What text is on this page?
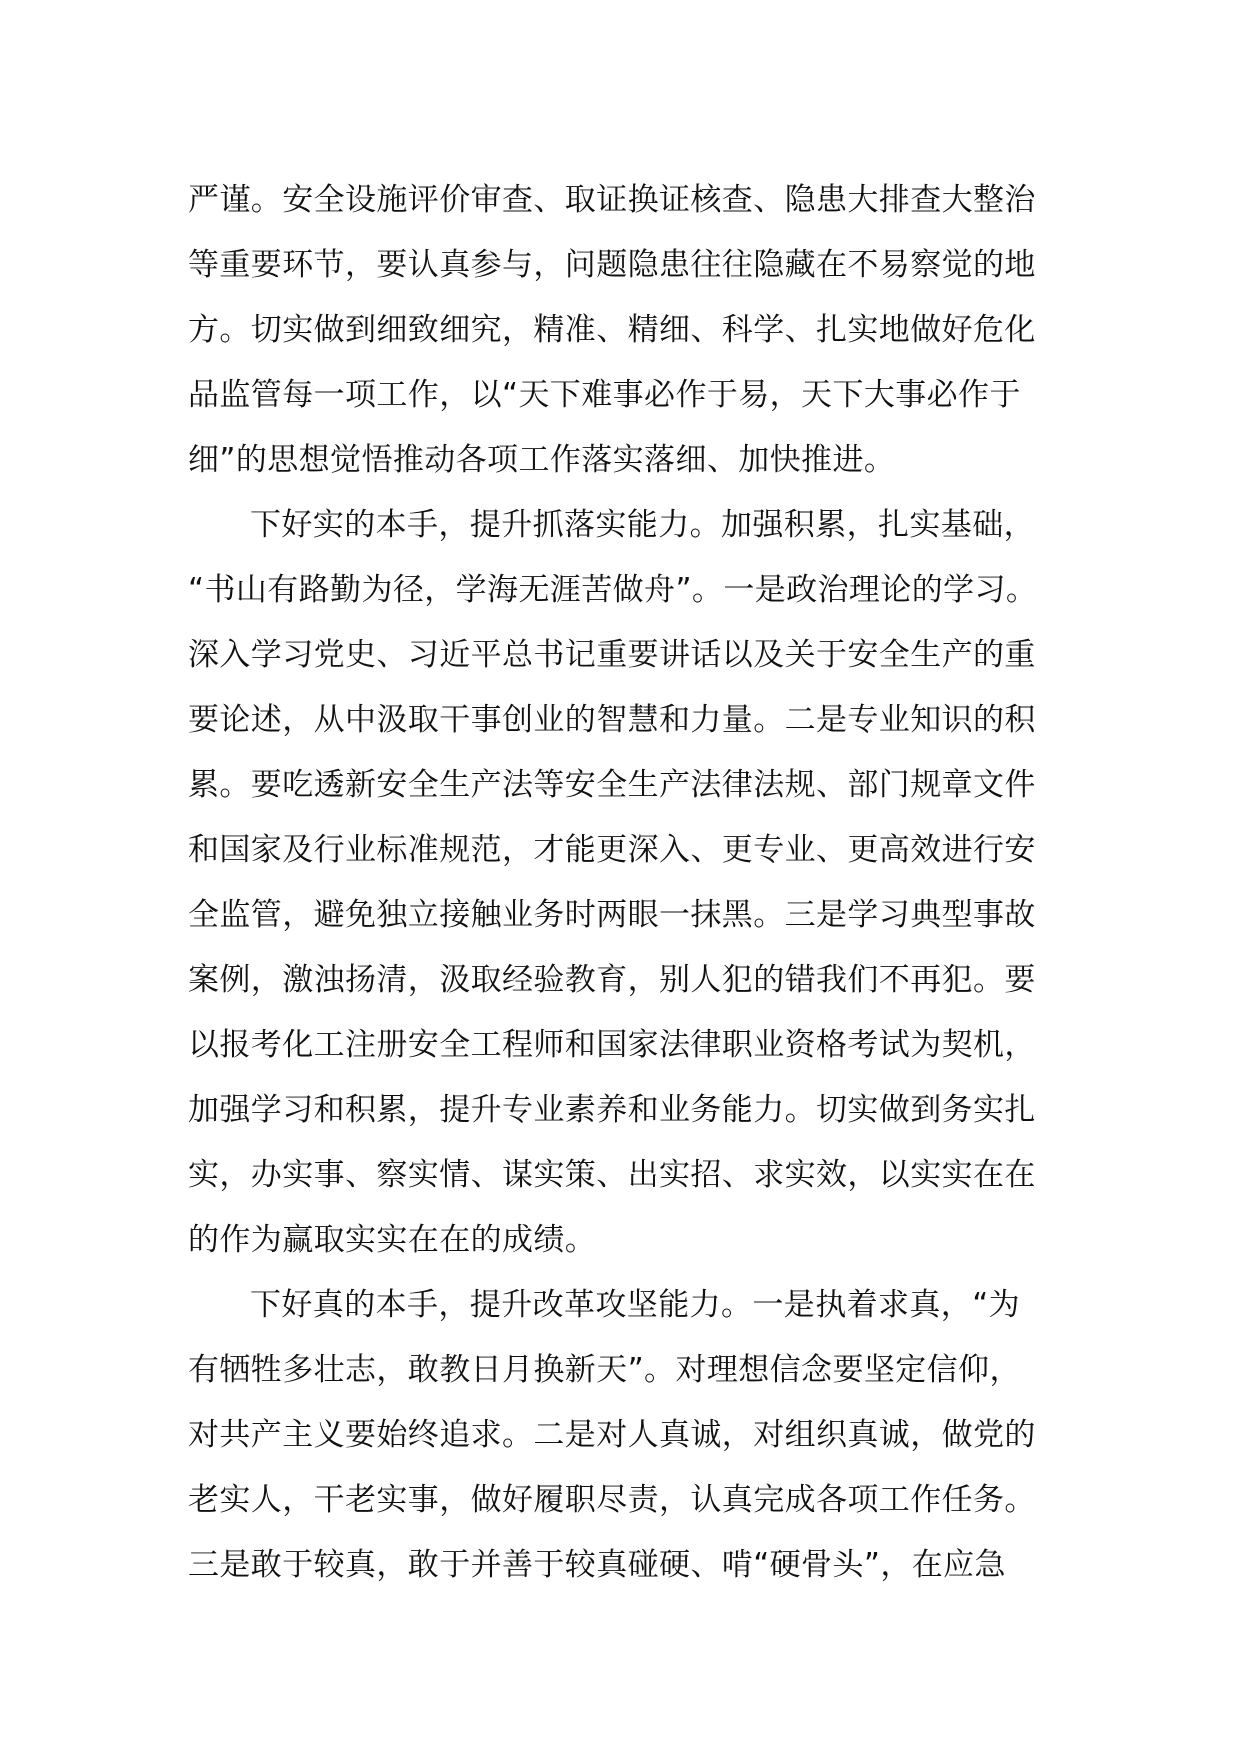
严谨。安全设施评价审查、取证换证核查、隐患大排查大整治
等重要环节，要认真参与，问题隐患往往隐藏在不易察觉的地
方。切实做到细致细究，精准、精细、科学、扎实地做好危化
品监管每一项工作，以“天下难事必作于易，天下大事必作于
细”的思想觉悟推动各项工作落实落细、加快推进。
下好实的本手，提升抓落实能力。加强积累，扎实基础，
“书山有路勤为径，学海无涯苦做舟”。一是政治理论的学习。
深入学习党史、习近平总书记重要讲话以及关于安全生产的重
要论述，从中汲取干事创业的智慧和力量。二是专业知识的积
累。要吃透新安全生产法等安全生产法律法规、部门规章文件
和国家及行业标准规范，才能更深入、更专业、更高效进行安
全监管，避免独立接触业务时两眼一抹黑。三是学习典型事故
案例，激浊扬清，汲取经验教育，别人犯的错我们不再犯。要
以报考化工注册安全工程师和国家法律职业资格考试为契机，
加强学习和积累，提升专业素养和业务能力。切实做到务实扎
实，办实事、察实情、谋实策、出实招、求实效，以实实在在
的作为赢取实实在在的成绩。
下好真的本手，提升改革攻坚能力。一是执着求真，“为
有牺牲多壮志，敢教日月换新天”。对理想信念要坚定信仰，
对共产主义要始终追求。二是对人真诚，对组织真诚，做党的
老实人，干老实事，做好履职尽责，认真完成各项工作任务。
三是敢于较真，敢于并善于较真碰硬、啃“硬骨头”，在应急
